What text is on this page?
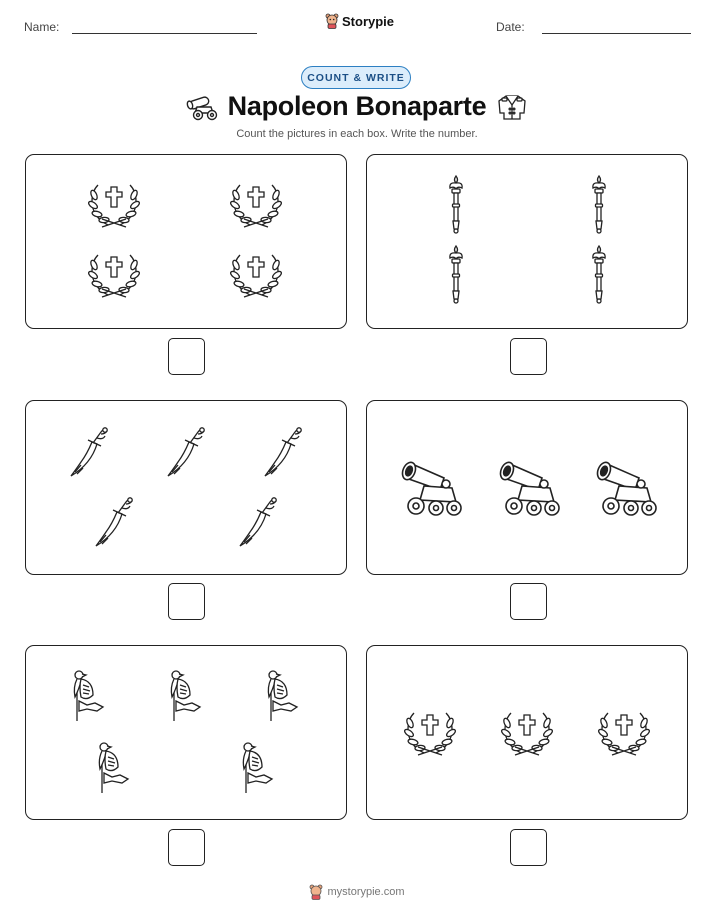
Name:	Storypie	Date:
COUNT & WRITE
Napoleon Bonaparte
Count the pictures in each box. Write the number.
mystorypie.com
